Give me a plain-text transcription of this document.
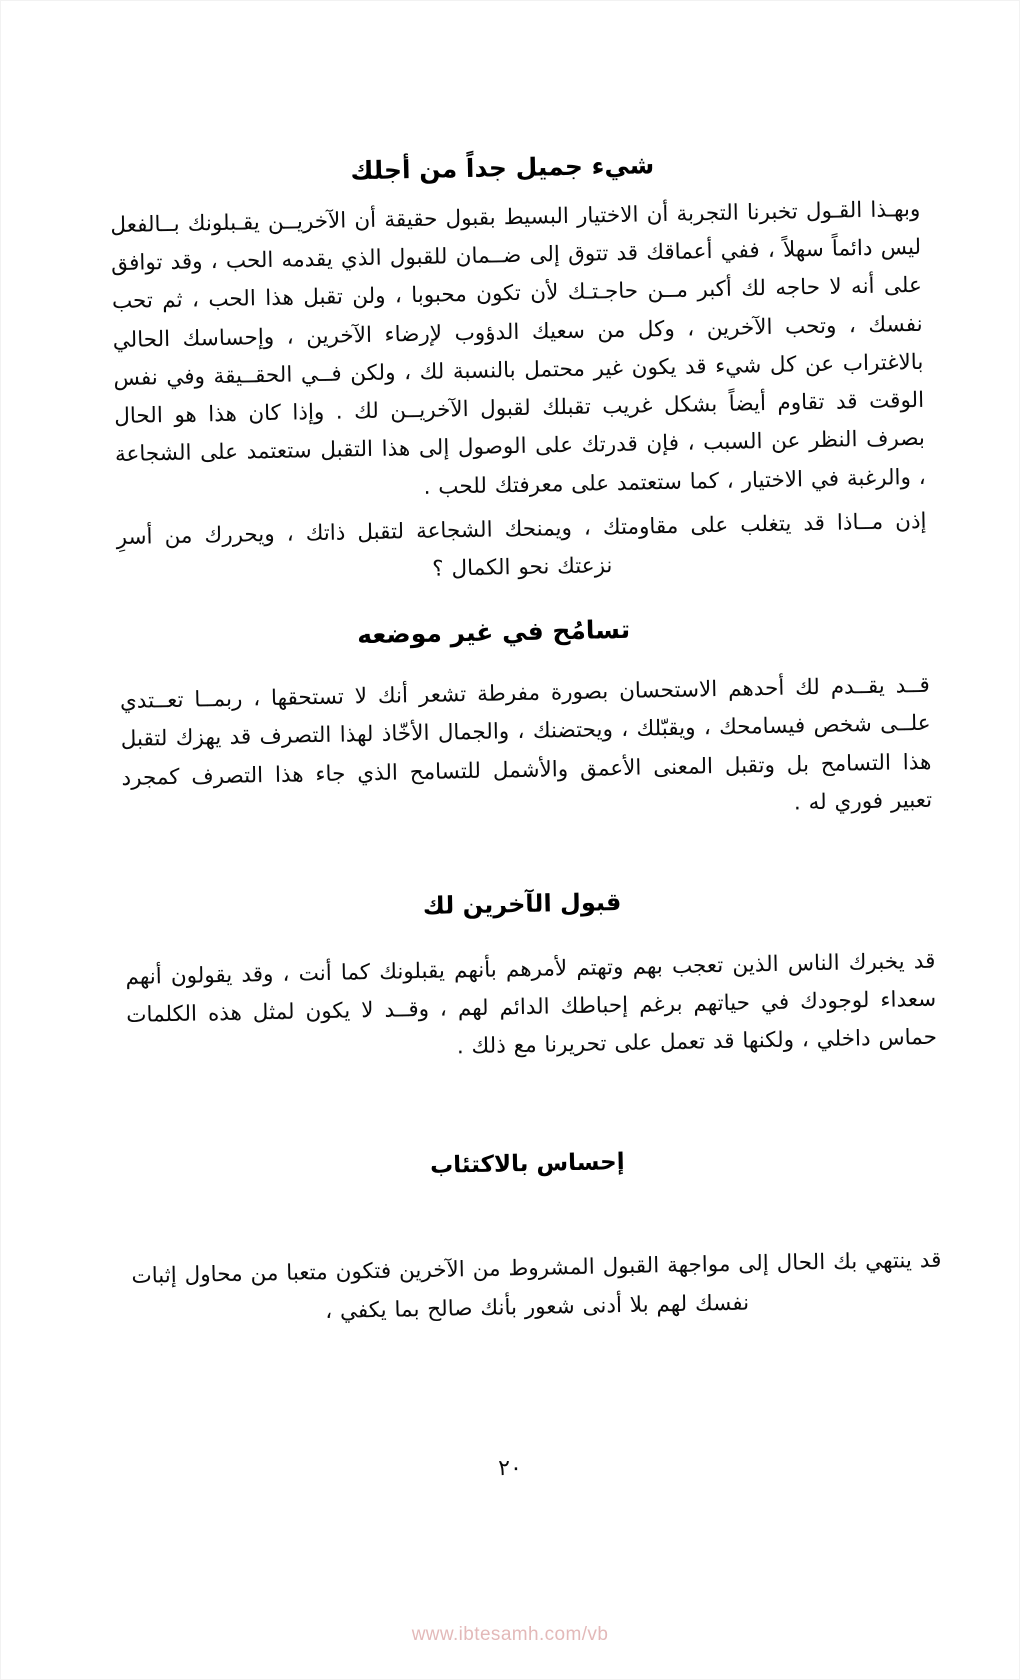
شيء جميل جداً من أجلك

وبهـذا القـول تخبرنا التجربة أن الاختيار البسيط بقبول حقيقة أن الآخريــن يقـبلونك بــالفعل ليس دائماً سهلاً ، ففي أعماقك قد تتوق إلى ضــمان للقبول الذي يقدمه الحب ، وقد توافق على أنه لا حاجه لك أكبر مــن حاجـتـك لأن تكون محبوبا ، ولن تقبل هذا الحب ، ثم تحب نفسك ، وتحب الآخرين ، وكل من سعيك الدؤوب لإرضاء الآخرين ، وإحساسك الحالي بالاغتراب عن كل شيء قد يكون غير محتمل بالنسبة لك ، ولكن فــي الحقــيقة وفي نفس الوقت قد تقاوم أيضاً بشكل غريب تقبلك لقبول الآخريــن لك . وإذا كان هذا هو الحال بصرف النظر عن السبب ، فإن قدرتك على الوصول إلى هذا التقبل ستعتمد على الشجاعة ، والرغبة في الاختيار ، كما ستعتمد على معرفتك للحب .

إذن مــاذا قد يتغلب على مقاومتك ، ويمنحك الشجاعة لتقبل ذاتك ، ويحررك من أسرِ نزعتك نحو الكمال ؟

تسامُح في غير موضعه

قــد يقــدم لك أحدهم الاستحسان بصورة مفرطة تشعر أنك لا تستحقها ، ربمــا تعــتدي علــى شخص فيسامحك ، ويقبّلك ، ويحتضنك ، والجمال الأخّاذ لهذا التصرف قد يهزك لتقبل هذا التسامح بل وتقبل المعنى الأعمق والأشمل للتسامح الذي جاء هذا التصرف كمجرد تعبير فوري له .

قبول الآخرين لك

قد يخبرك الناس الذين تعجب بهم وتهتم لأمرهم بأنهم يقبلونك كما أنت ، وقد يقولون أنهم سعداء لوجودك في حياتهم برغم إحباطك الدائم لهم ، وقــد لا يكون لمثل هذه الكلمات حماس داخلي ، ولكنها قد تعمل على تحريرنا مع ذلك .

إحساس بالاكتئاب

قد ينتهي بك الحال إلى مواجهة القبول المشروط من الآخرين فتكون متعبا من محاول إثبات نفسك لهم بلا أدنى شعور بأنك صالح بما يكفي ،

٢٠
www.ibtesamh.com/vb
